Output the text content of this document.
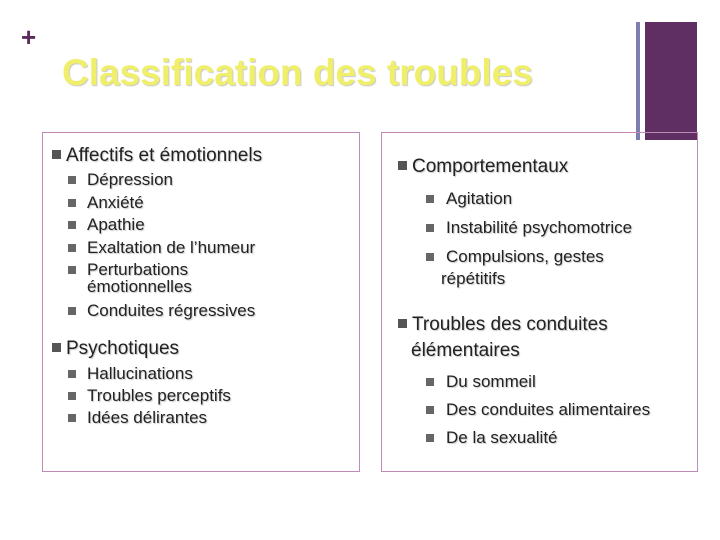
+
Classification des troubles
Affectifs et émotionnels
Dépression
Anxiété
Apathie
Exaltation de l’humeur
Perturbations
émotionnelles
Conduites régressives
Psychotiques
Hallucinations
Troubles perceptifs
Idées délirantes
Comportementaux
Agitation
Instabilité psychomotrice
Compulsions, gestes
répétitifs
Troubles des conduites
élémentaires
Du sommeil
Des conduites alimentaires
De la sexualité
